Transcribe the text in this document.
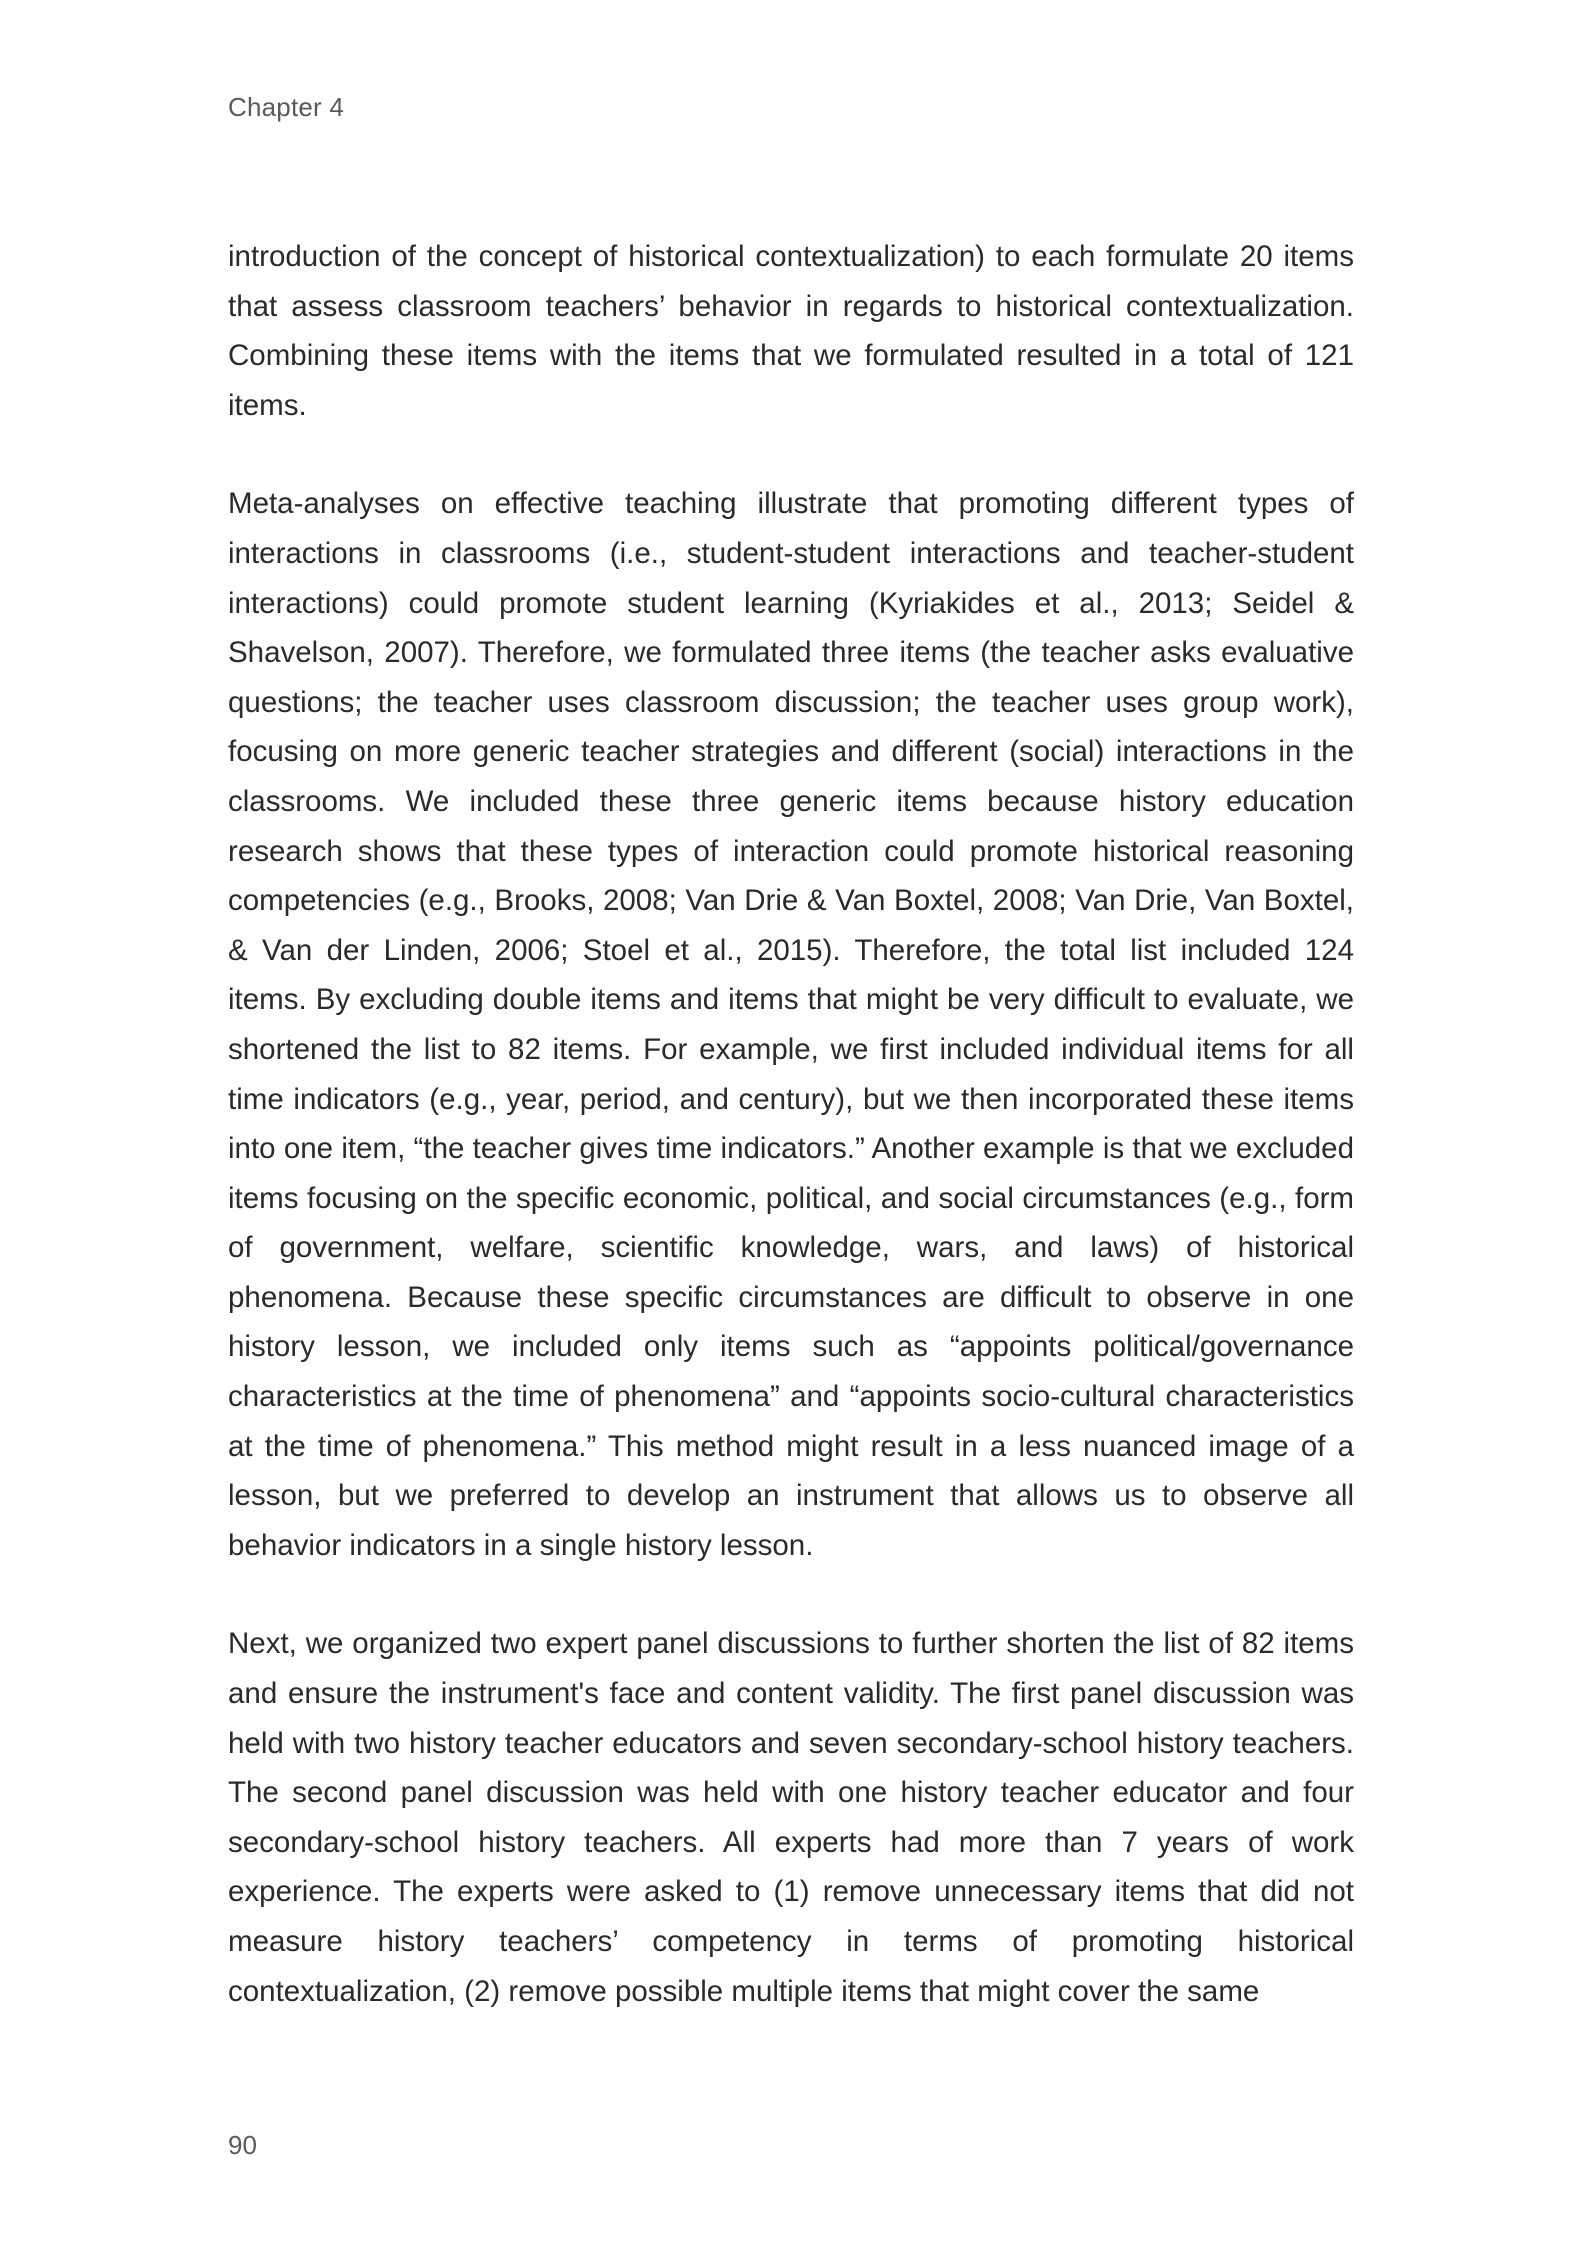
Chapter 4

introduction of the concept of historical contextualization) to each formulate 20 items that assess classroom teachers’ behavior in regards to historical contextualization. Combining these items with the items that we formulated resulted in a total of 121 items.

Meta-analyses on effective teaching illustrate that promoting different types of interactions in classrooms (i.e., student-student interactions and teacher-student interactions) could promote student learning (Kyriakides et al., 2013; Seidel & Shavelson, 2007). Therefore, we formulated three items (the teacher asks evaluative questions; the teacher uses classroom discussion; the teacher uses group work), focusing on more generic teacher strategies and different (social) interactions in the classrooms. We included these three generic items because history education research shows that these types of interaction could promote historical reasoning competencies (e.g., Brooks, 2008; Van Drie & Van Boxtel, 2008; Van Drie, Van Boxtel, & Van der Linden, 2006; Stoel et al., 2015). Therefore, the total list included 124 items. By excluding double items and items that might be very difficult to evaluate, we shortened the list to 82 items. For example, we first included individual items for all time indicators (e.g., year, period, and century), but we then incorporated these items into one item, “the teacher gives time indicators.” Another example is that we excluded items focusing on the specific economic, political, and social circumstances (e.g., form of government, welfare, scientific knowledge, wars, and laws) of historical phenomena. Because these specific circumstances are difficult to observe in one history lesson, we included only items such as “appoints political/governance characteristics at the time of phenomena” and “appoints socio-cultural characteristics at the time of phenomena.” This method might result in a less nuanced image of a lesson, but we preferred to develop an instrument that allows us to observe all behavior indicators in a single history lesson.

Next, we organized two expert panel discussions to further shorten the list of 82 items and ensure the instrument's face and content validity. The first panel discussion was held with two history teacher educators and seven secondary-school history teachers. The second panel discussion was held with one history teacher educator and four secondary-school history teachers. All experts had more than 7 years of work experience. The experts were asked to (1) remove unnecessary items that did not measure history teachers’ competency in terms of promoting historical contextualization, (2) remove possible multiple items that might cover the same

90
